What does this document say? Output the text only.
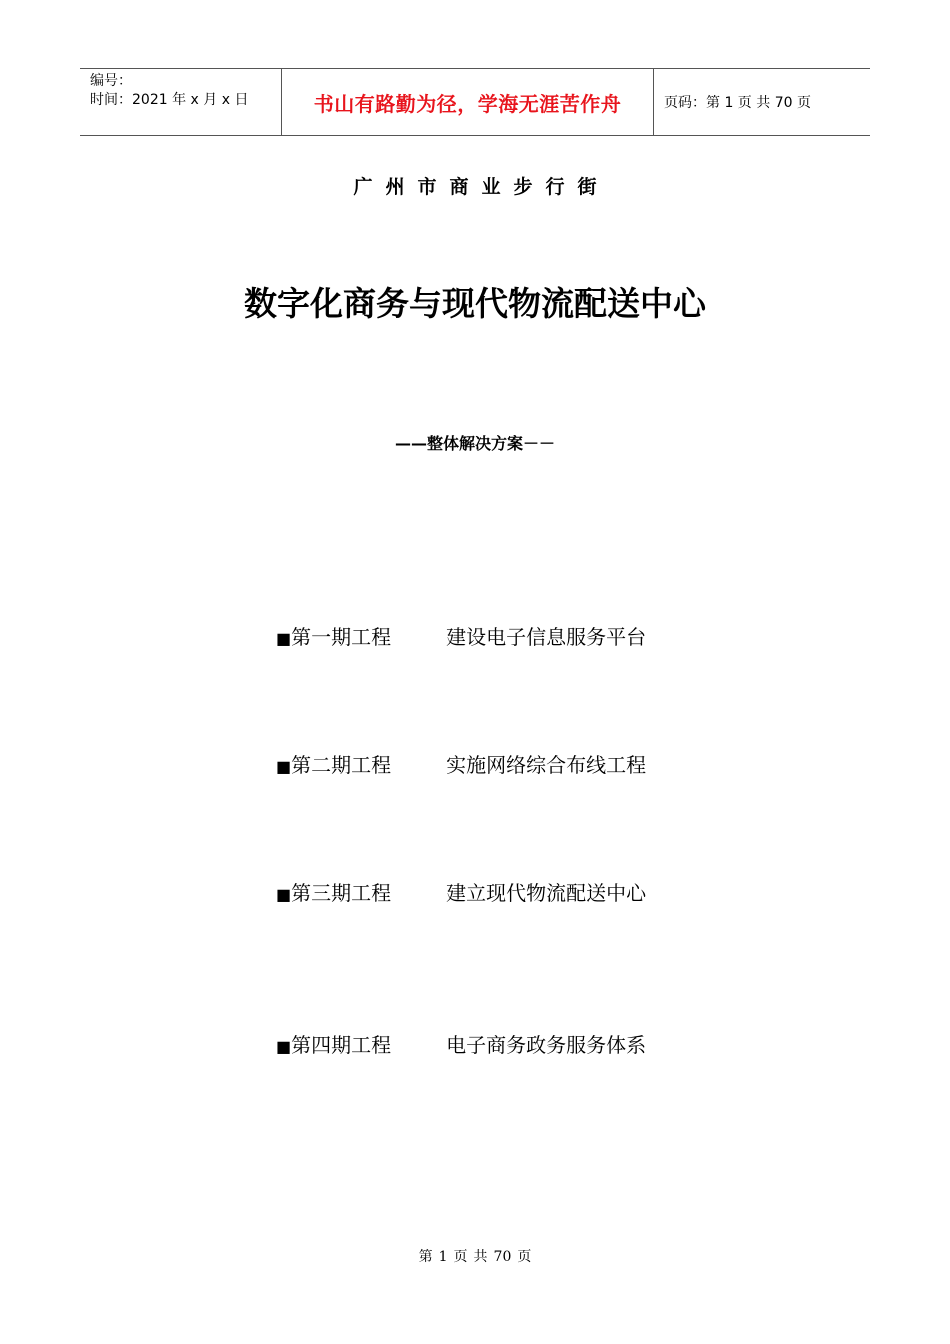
编号：
时间：2021 年 x 月 x 日	书山有路勤为径，学海无涯苦作舟	页码：第 1 页 共 70 页
广州市商业步行街
数字化商务与现代物流配送中心
——整体解决方案－－
■第一期工程	建设电子信息服务平台
■第二期工程	实施网络综合布线工程
■第三期工程	建立现代物流配送中心
■第四期工程	电子商务政务服务体系
第 1 页 共 70 页
